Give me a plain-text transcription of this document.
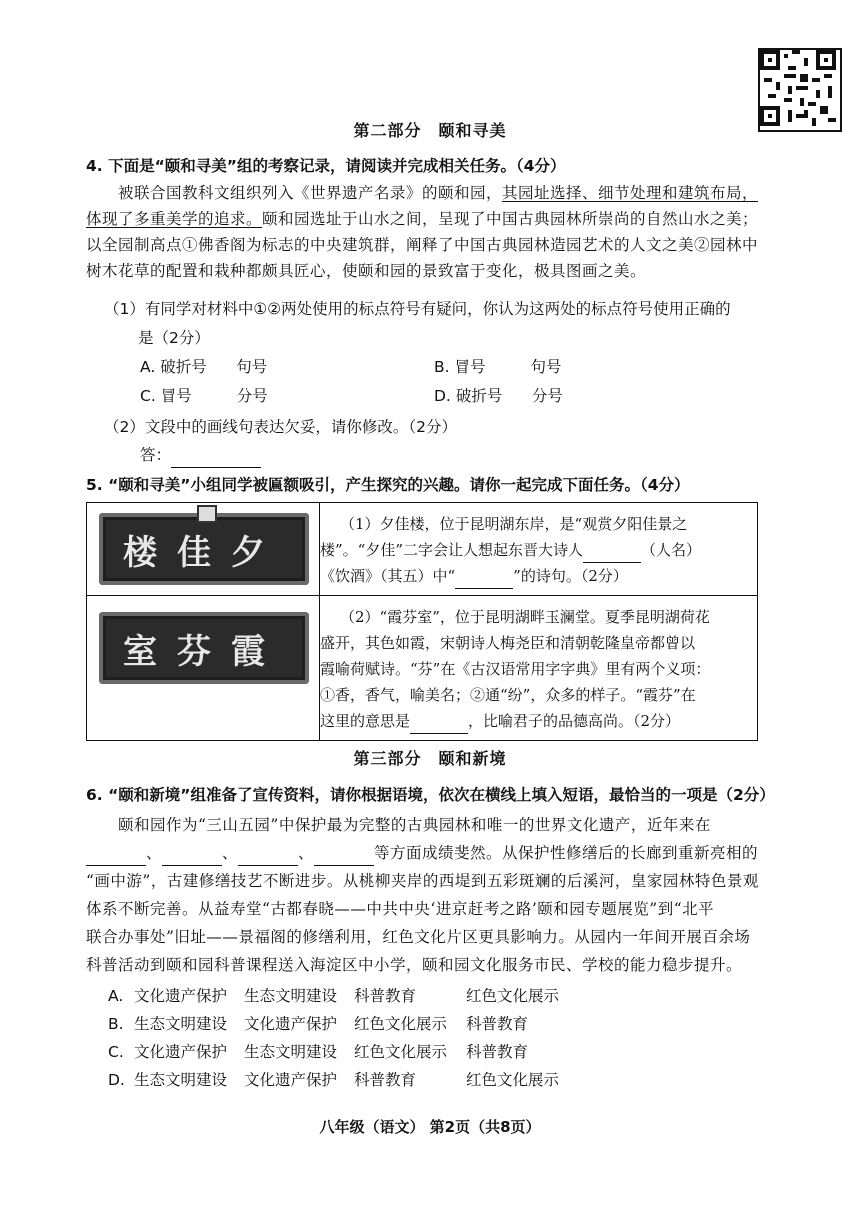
第二部分　颐和寻美
4. 下面是“颐和寻美”组的考察记录，请阅读并完成相关任务。（4分）
被联合国教科文组织列入《世界遗产名录》的颐和园，其园址选择、细节处理和建筑布局，
体现了多重美学的追求。颐和园选址于山水之间，呈现了中国古典园林所崇尚的自然山水之美；
以全园制高点①佛香阁为标志的中央建筑群，阐释了中国古典园林造园艺术的人文之美②园林中
树木花草的配置和栽种都颇具匠心，使颐和园的景致富于变化，极具图画之美。
（1）有同学对材料中①②两处使用的标点符号有疑问，你认为这两处的标点符号使用正确的
是（2分）
A. 破折号 句号	B. 冒号	句号
C. 冒号	分号	D. 破折号 分号
（2）文段中的画线句表达欠妥，请你修改。（2分）
答：
5. “颐和寻美”小组同学被匾额吸引，产生探究的兴趣。请你一起完成下面任务。（4分）
楼佳夕	（1）夕佳楼，位于昆明湖东岸，是“观赏夕阳佳景之
楼”。“夕佳”二字会让人想起东晋大诗人 （人名）
《饮酒》（其五）中“ ”的诗句。（2分）

室芬霞	（2）“霞芬室”，位于昆明湖畔玉澜堂。夏季昆明湖荷花
盛开，其色如霞，宋朝诗人梅尧臣和清朝乾隆皇帝都曾以
霞喻荷赋诗。“芬”在《古汉语常用字字典》里有两个义项：
①香，香气，喻美名；②通“纷”，众多的样子。“霞芬”在
这里的意思是 ，比喻君子的品德高尚。（2分）
第三部分　颐和新境
6. “颐和新境”组准备了宣传资料，请你根据语境，依次在横线上填入短语，最恰当的一项是（2分）
颐和园作为“三山五园”中保护最为完整的古典园林和唯一的世界文化遗产，近年来在
、	、	、	等方面成绩斐然。从保护性修缮后的长廊到重新亮相的
“画中游”，古建修缮技艺不断进步。从桃柳夹岸的西堤到五彩斑斓的后溪河，皇家园林特色景观
体系不断完善。从益寿堂“古都春晓——中共中央‘进京赶考之路’颐和园专题展览”到“北平
联合办事处”旧址——景福阁的修缮利用，红色文化片区更具影响力。从园内一年间开展百余场
科普活动到颐和园科普课程送入海淀区中小学，颐和园文化服务市民、学校的能力稳步提升。
A. 文化遗产保护 生态文明建设 科普教育	红色文化展示
B. 生态文明建设 文化遗产保护 红色文化展示 科普教育
C. 文化遗产保护 生态文明建设 红色文化展示 科普教育
D. 生态文明建设 文化遗产保护 科普教育	红色文化展示
八年级（语文） 第2页（共8页）
